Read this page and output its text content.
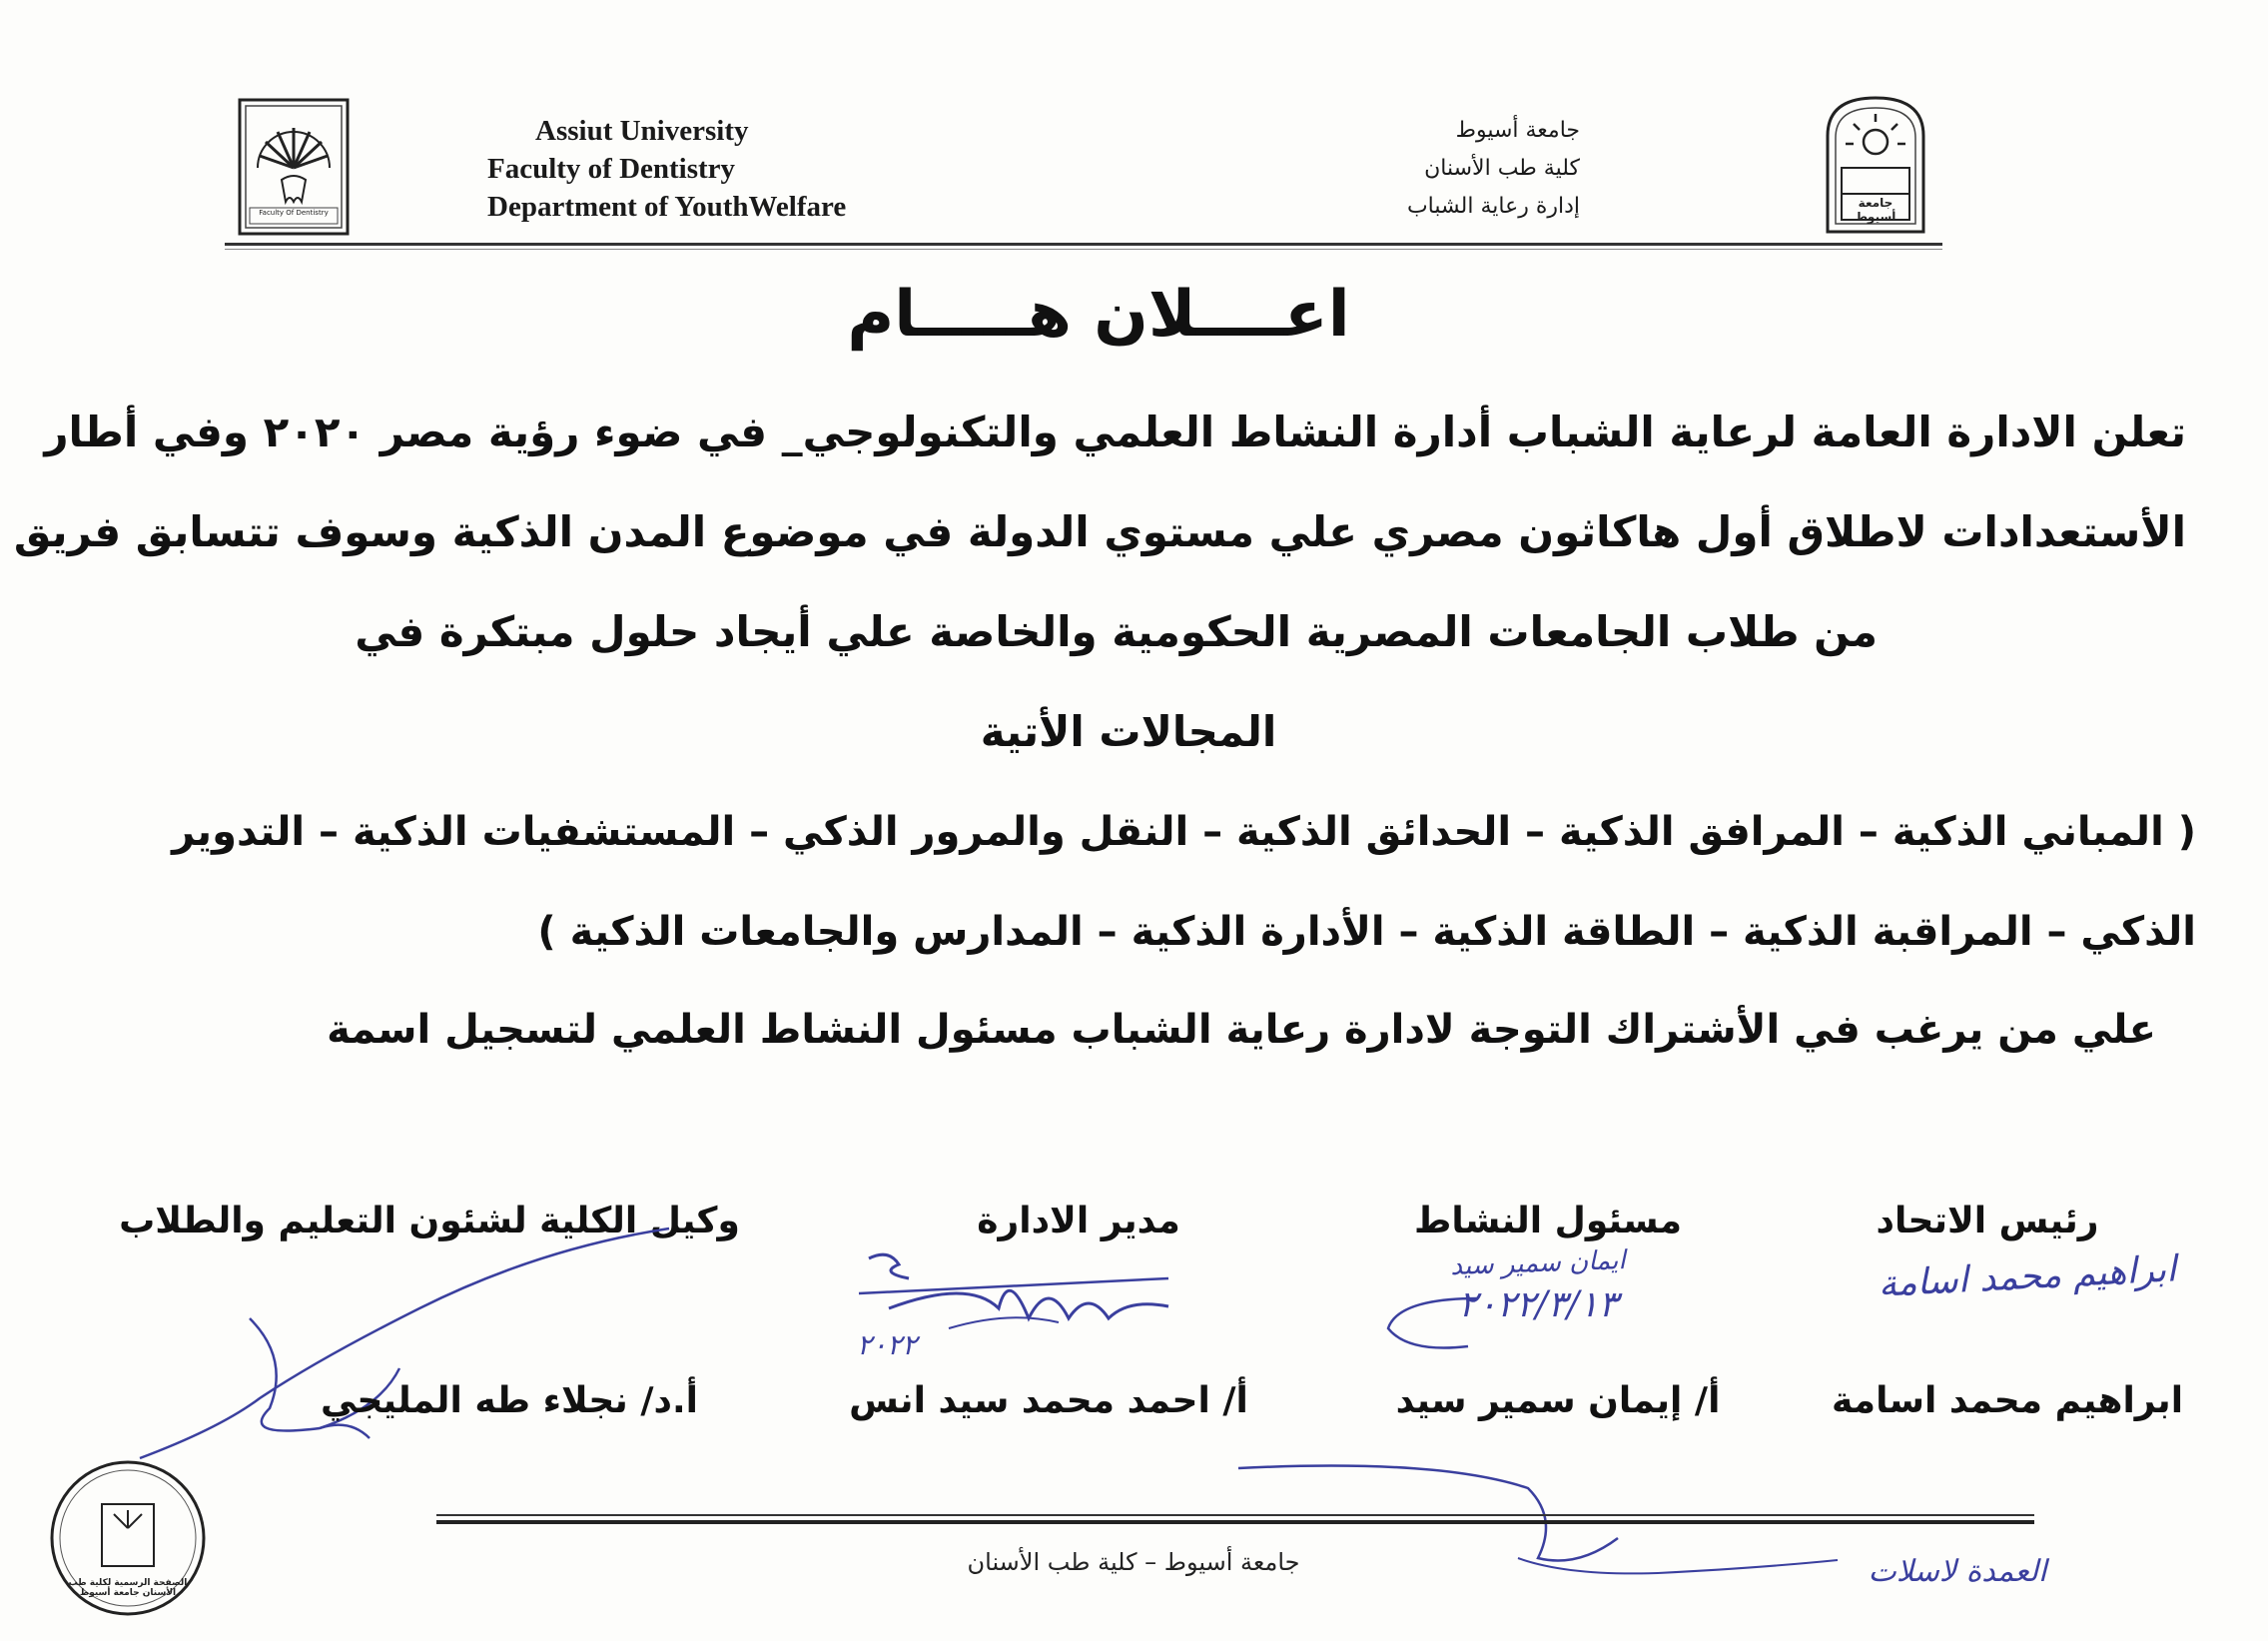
Faculty Of Dentistry
Assiut University
Faculty of Dentistry
Department of YouthWelfare
جامعة أسيوط
كلية طب الأسنان
إدارة رعاية الشباب	جامعة أسيوط
اعــــلان هـــــام
تعلن الادارة العامة لرعاية الشباب أدارة النشاط العلمي والتكنولوجي_ في ضوء رؤية مصر ٢٠٢٠ وفي أطار
الأستعدادات لاطلاق أول هاكاثون مصري علي مستوي الدولة في موضوع المدن الذكية وسوف تتسابق فريق
من طلاب الجامعات المصرية الحكومية والخاصة علي أيجاد حلول مبتكرة في
المجالات الأتية
( المباني الذكية – المرافق الذكية – الحدائق الذكية – النقل والمرور الذكي – المستشفيات الذكية – التدوير
الذكي – المراقبة الذكية – الطاقة الذكية – الأدارة الذكية – المدارس والجامعات الذكية )
علي من يرغب في الأشتراك التوجة لادارة رعاية الشباب مسئول النشاط العلمي لتسجيل اسمة
رئيس الاتحاد
مسئول النشاط
مدير الادارة
وكيل الكلية لشئون التعليم والطلاب
ابراهيم محمد اسامة
ايمان سمير سيد
٢٠٢٢/٣/١٣
٢٠٢٢
ابراهيم محمد اسامة
أ/ إيمان سمير سيد
أ/ احمد محمد سيد انس
أ.د/ نجلاء طه المليجي
الصفحة الرسمية لكلية طب الأسنان جامعة أسيوط
جامعة أسيوط – كلية طب الأسنان	العمدة لاسلات
